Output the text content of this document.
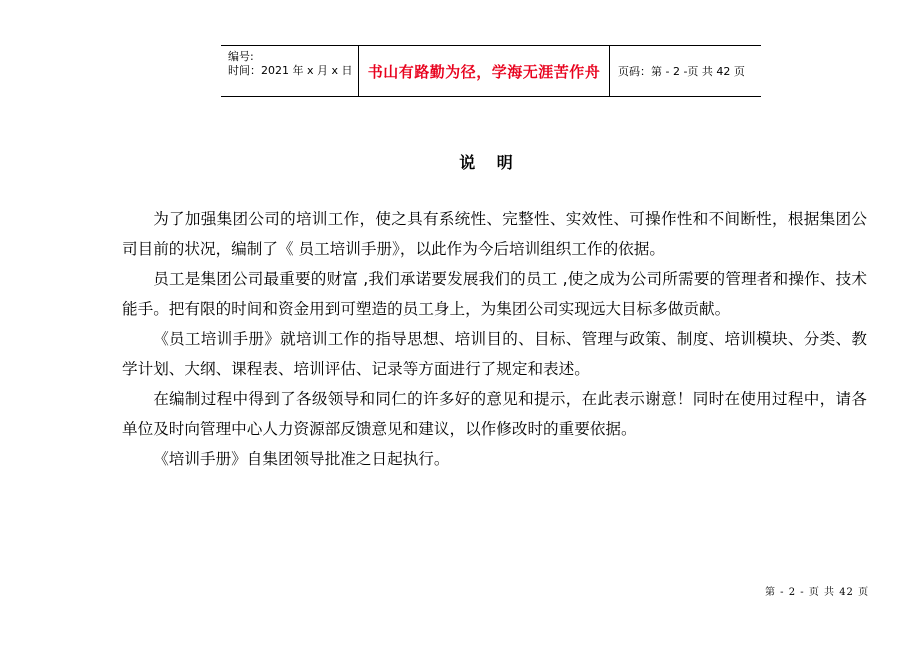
编号:
时间：2021 年 x 月 x 日	书山有路勤为径，学海无涯苦作舟 页码：第 - 2 -页 共 42 页
说 明

为了加强集团公司的培训工作，使之具有系统性、完整性、实效性、可操作性和不间断性，根据集团公司目前的状况，编制了《 员工培训手册》，以此作为今后培训组织工作的依据。

员工是集团公司最重要的财富 ,我们承诺要发展我们的员工 ,使之成为公司所需要的管理者和操作、技术能手。把有限的时间和资金用到可塑造的员工身上，为集团公司实现远大目标多做贡献。

《员工培训手册》就培训工作的指导思想、培训目的、目标、管理与政策、制度、培训模块、分类、教学计划、大纲、课程表、培训评估、记录等方面进行了规定和表述。

在编制过程中得到了各级领导和同仁的许多好的意见和提示，在此表示谢意！同时在使用过程中，请各单位及时向管理中心人力资源部反馈意见和建议，以作修改时的重要依据。

《培训手册》自集团领导批准之日起执行。

第 - 2 - 页 共 42 页
